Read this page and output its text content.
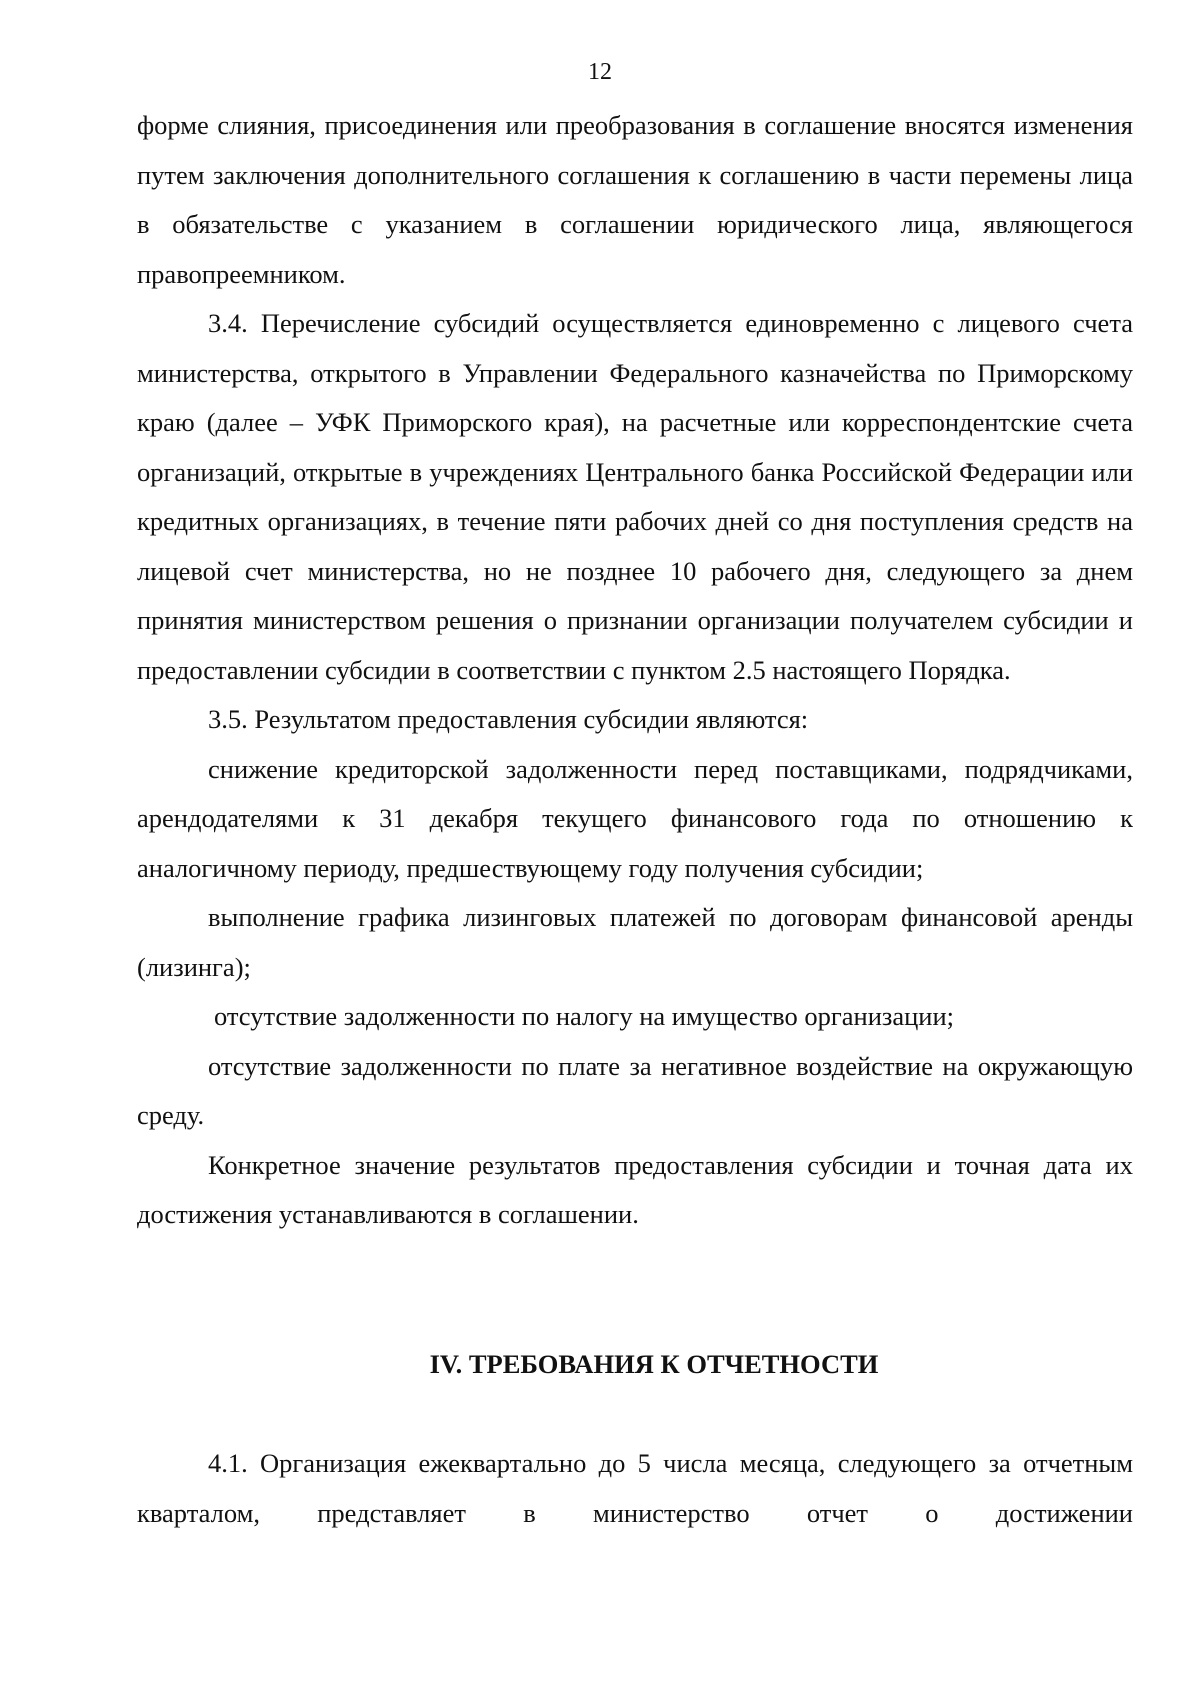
12

форме слияния, присоединения или преобразования в соглашение вносятся изменения путем заключения дополнительного соглашения к соглашению в части перемены лица в обязательстве с указанием в соглашении юридического лица, являющегося правопреемником.

3.4. Перечисление субсидий осуществляется единовременно с лицевого счета министерства, открытого в Управлении Федерального казначейства по Приморскому краю (далее – УФК Приморского края), на расчетные или корреспондентские счета организаций, открытые в учреждениях Центрального банка Российской Федерации или кредитных организациях, в течение пяти рабочих дней со дня поступления средств на лицевой счет министерства, но не позднее 10 рабочего дня, следующего за днем принятия министерством решения о признании организации получателем субсидии и предоставлении субсидии в соответствии с пунктом 2.5 настоящего Порядка.

3.5. Результатом предоставления субсидии являются:

снижение кредиторской задолженности перед поставщиками, подрядчиками, арендодателями к 31 декабря текущего финансового года по отношению к аналогичному периоду, предшествующему году получения субсидии;

выполнение графика лизинговых платежей по договорам финансовой аренды (лизинга);

отсутствие задолженности по налогу на имущество организации;

отсутствие задолженности по плате за негативное воздействие на окружающую среду.

Конкретное значение результатов предоставления субсидии и точная дата их достижения устанавливаются в соглашении.

IV. ТРЕБОВАНИЯ К ОТЧЕТНОСТИ

4.1. Организация ежеквартально до 5 числа месяца, следующего за отчетным кварталом, представляет в министерство отчет о достижении
